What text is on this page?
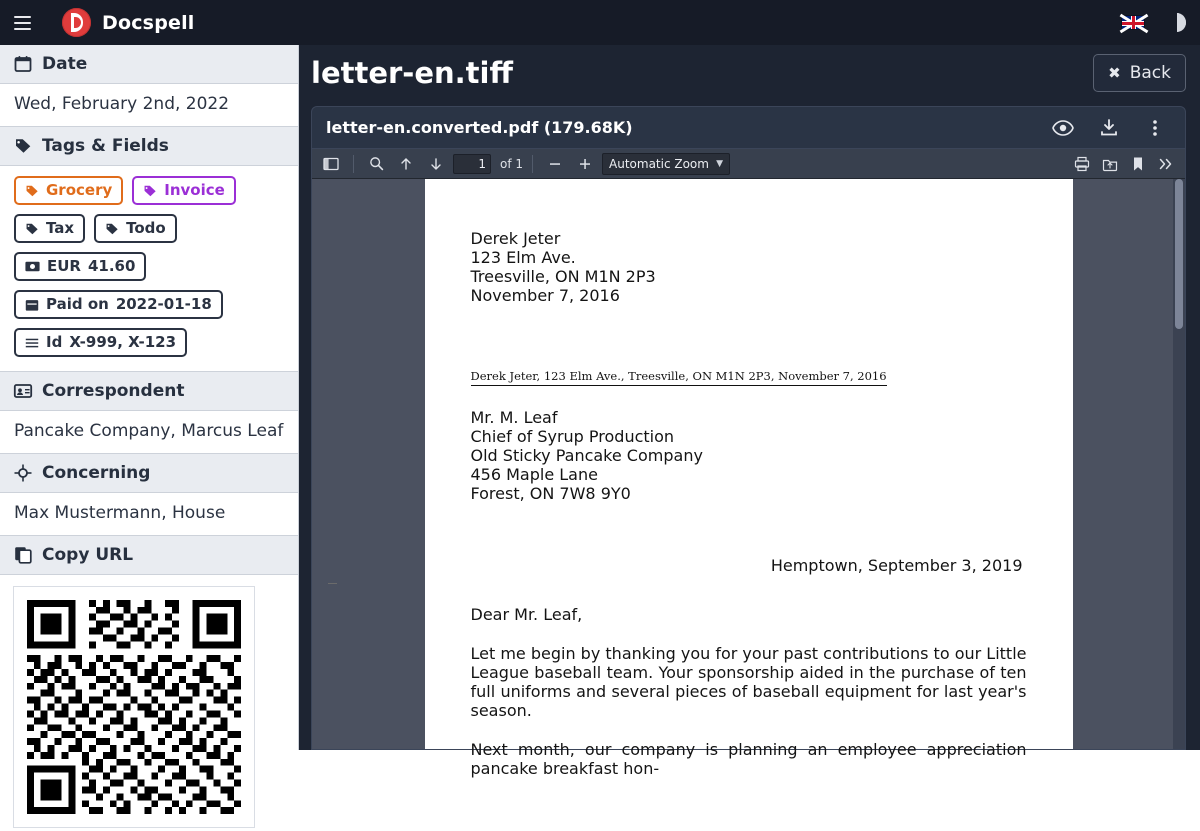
Docspell
Date
Wed, February 2nd, 2022
Tags & Fields
Grocery	Invoice
Tax	Todo
EUR 41.60
Paid on 2022-01-18
Id X-999, X-123
Correspondent
Pancake Company, Marcus Leaf
Concerning
Max Mustermann, House
Copy URL
letter-en.tiff	✖ Back
letter-en.converted.pdf (179.68K)
1
of 1
Automatic Zoom	▼
Derek Jeter
123 Elm Ave.
Treesville, ON M1N 2P3
November 7, 2016
Derek Jeter, 123 Elm Ave., Treesville, ON M1N 2P3, November 7, 2016
Mr. M. Leaf
Chief of Syrup Production
Old Sticky Pancake Company
456 Maple Lane
Forest, ON 7W8 9Y0
Hemptown, September 3, 2019
Dear Mr. Leaf,
Let me begin by thanking you for your past contributions to our Little League baseball team. Your sponsorship aided in the purchase of ten full uniforms and several pieces of baseball equipment for last year's season.
Next month, our company is planning an employee appreciation pancake breakfast hon-
